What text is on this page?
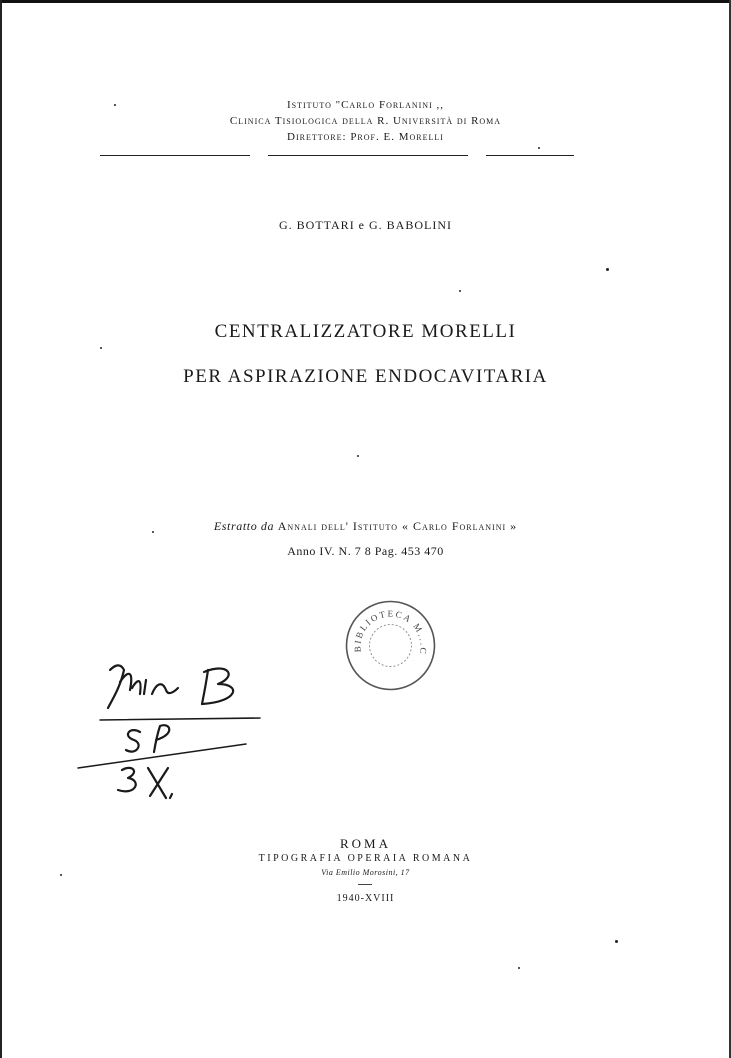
Istituto "Carlo Forlanini ,,
Clinica Tisiologica della R. Università di Roma
Direttore: Prof. E. Morelli
G. BOTTARI e G. BABOLINI
CENTRALIZZATORE MORELLI
PER ASPIRAZIONE ENDOCAVITARIA
Estratto da Annali dell' Istituto « Carlo Forlanini »
Anno IV. N. 7 8 Pag. 453 470
BIBLIOTECA M...C
ROMA
TIPOGRAFIA OPERAIA ROMANA
Via Emilio Morosini, 17
1940-XVIII
